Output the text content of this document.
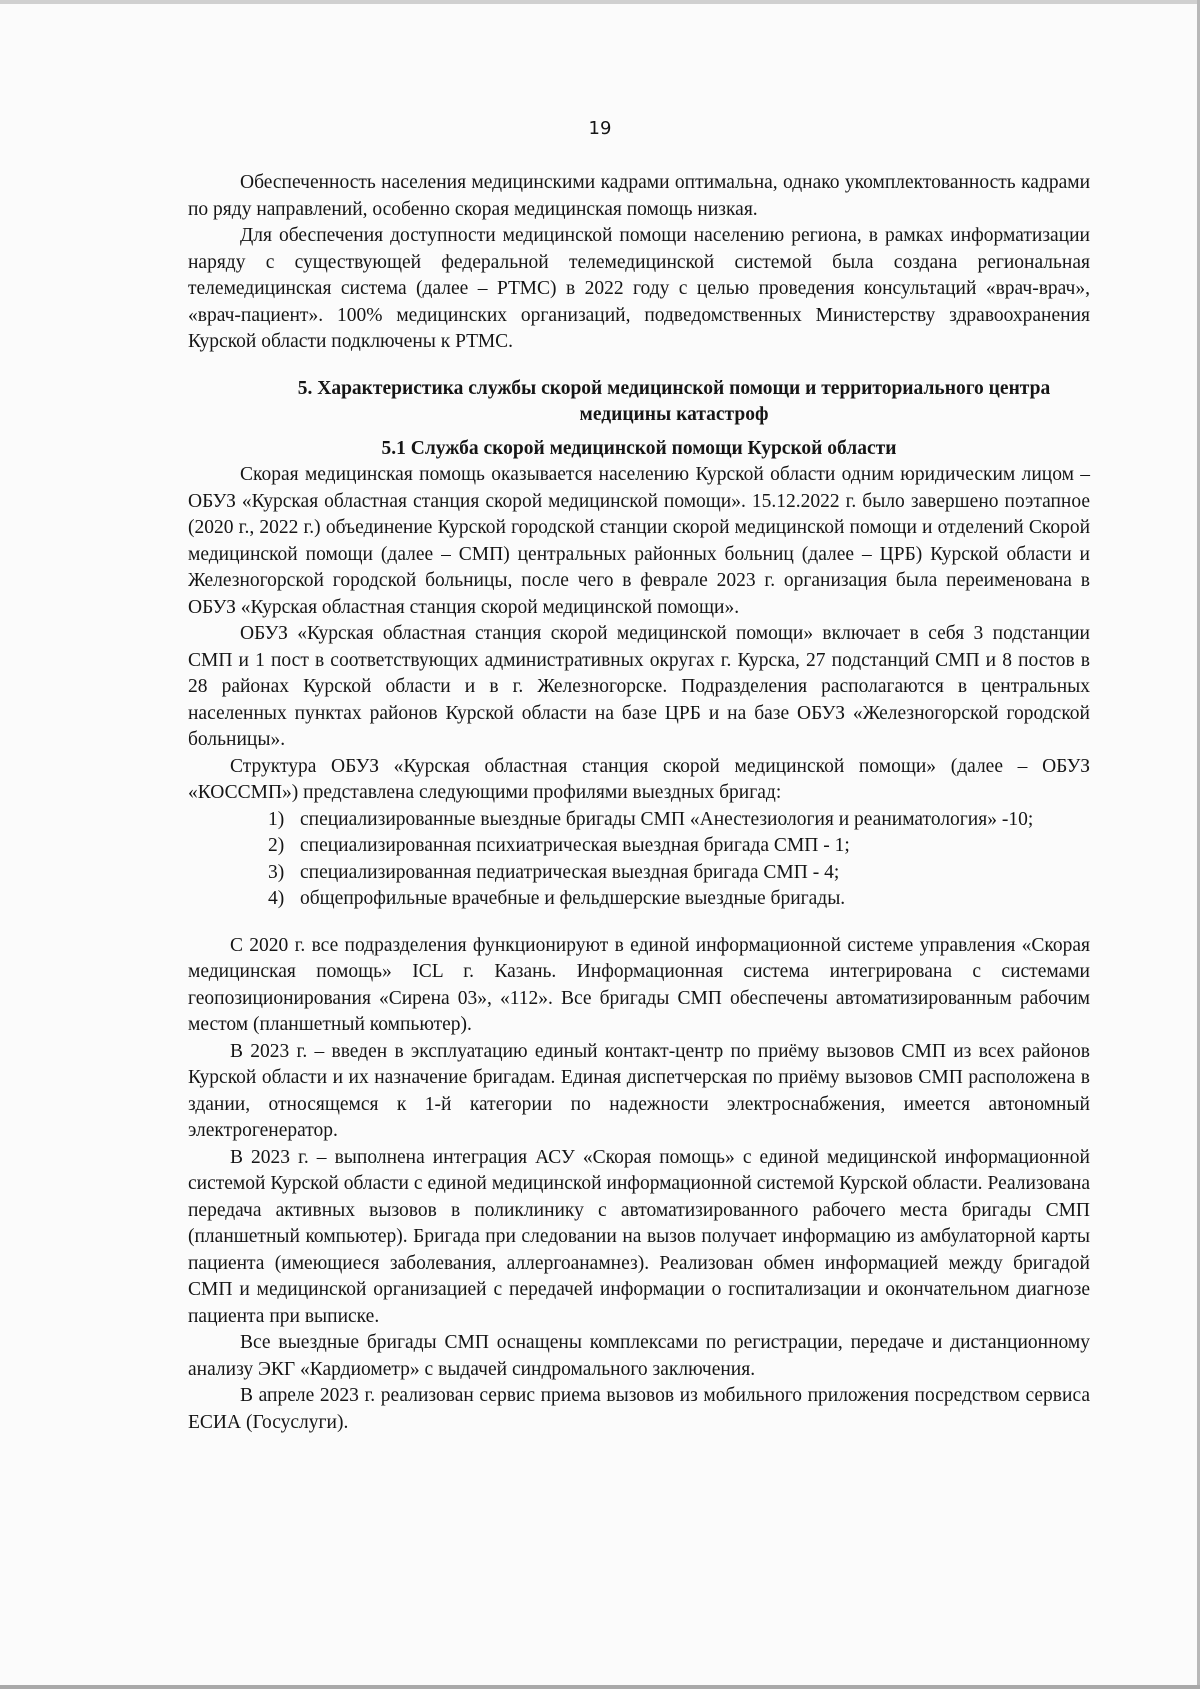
19

Обеспеченность населения медицинскими кадрами оптимальна, однако укомплектованность кадрами по ряду направлений, особенно скорая медицинская помощь низкая.

Для обеспечения доступности медицинской помощи населению региона, в рамках информатизации наряду с существующей федеральной телемедицинской системой была создана региональная телемедицинская система (далее – РТМС) в 2022 году с целью проведения консультаций «врач-врач», «врач-пациент». 100% медицинских организаций, подведомственных Министерству здравоохранения Курской области подключены к РТМС.

5. Характеристика службы скорой медицинской помощи и территориального центра медицины катастроф
5.1 Служба скорой медицинской помощи Курской области

Скорая медицинская помощь оказывается населению Курской области одним юридическим лицом – ОБУЗ «Курская областная станция скорой медицинской помощи». 15.12.2022 г. было завершено поэтапное (2020 г., 2022 г.) объединение Курской городской станции скорой медицинской помощи и отделений Скорой медицинской помощи (далее – СМП) центральных районных больниц (далее – ЦРБ) Курской области и Железногорской городской больницы, после чего в феврале 2023 г. организация была переименована в ОБУЗ «Курская областная станция скорой медицинской помощи».

ОБУЗ «Курская областная станция скорой медицинской помощи» включает в себя 3 подстанции СМП и 1 пост в соответствующих административных округах г. Курска, 27 подстанций СМП и 8 постов в 28 районах Курской области и в г. Железногорске. Подразделения располагаются в центральных населенных пунктах районов Курской области на базе ЦРБ и на базе ОБУЗ «Железногорской городской больницы».

Структура ОБУЗ «Курская областная станция скорой медицинской помощи» (далее – ОБУЗ «КОССМП») представлена следующими профилями выездных бригад:

1) специализированные выездные бригады СМП «Анестезиология и реаниматология» -10;
2) специализированная психиатрическая выездная бригада СМП - 1;
3) специализированная педиатрическая выездная бригада СМП - 4;
4) общепрофильные врачебные и фельдшерские выездные бригады.

С 2020 г. все подразделения функционируют в единой информационной системе управления «Скорая медицинская помощь» ICL г. Казань. Информационная система интегрирована с системами геопозиционирования «Сирена 03», «112». Все бригады СМП обеспечены автоматизированным рабочим местом (планшетный компьютер).

В 2023 г. – введен в эксплуатацию единый контакт-центр по приёму вызовов СМП из всех районов Курской области и их назначение бригадам. Единая диспетчерская по приёму вызовов СМП расположена в здании, относящемся к 1-й категории по надежности электроснабжения, имеется автономный электрогенератор.

В 2023 г. – выполнена интеграция АСУ «Скорая помощь» с единой медицинской информационной системой Курской области с единой медицинской информационной системой Курской области. Реализована передача активных вызовов в поликлинику с автоматизированного рабочего места бригады СМП (планшетный компьютер). Бригада при следовании на вызов получает информацию из амбулаторной карты пациента (имеющиеся заболевания, аллергоанамнез). Реализован обмен информацией между бригадой СМП и медицинской организацией с передачей информации о госпитализации и окончательном диагнозе пациента при выписке.

Все выездные бригады СМП оснащены комплексами по регистрации, передаче и дистанционному анализу ЭКГ «Кардиометр» с выдачей синдромального заключения.

В апреле 2023 г. реализован сервис приема вызовов из мобильного приложения посредством сервиса ЕСИА (Госуслуги).
